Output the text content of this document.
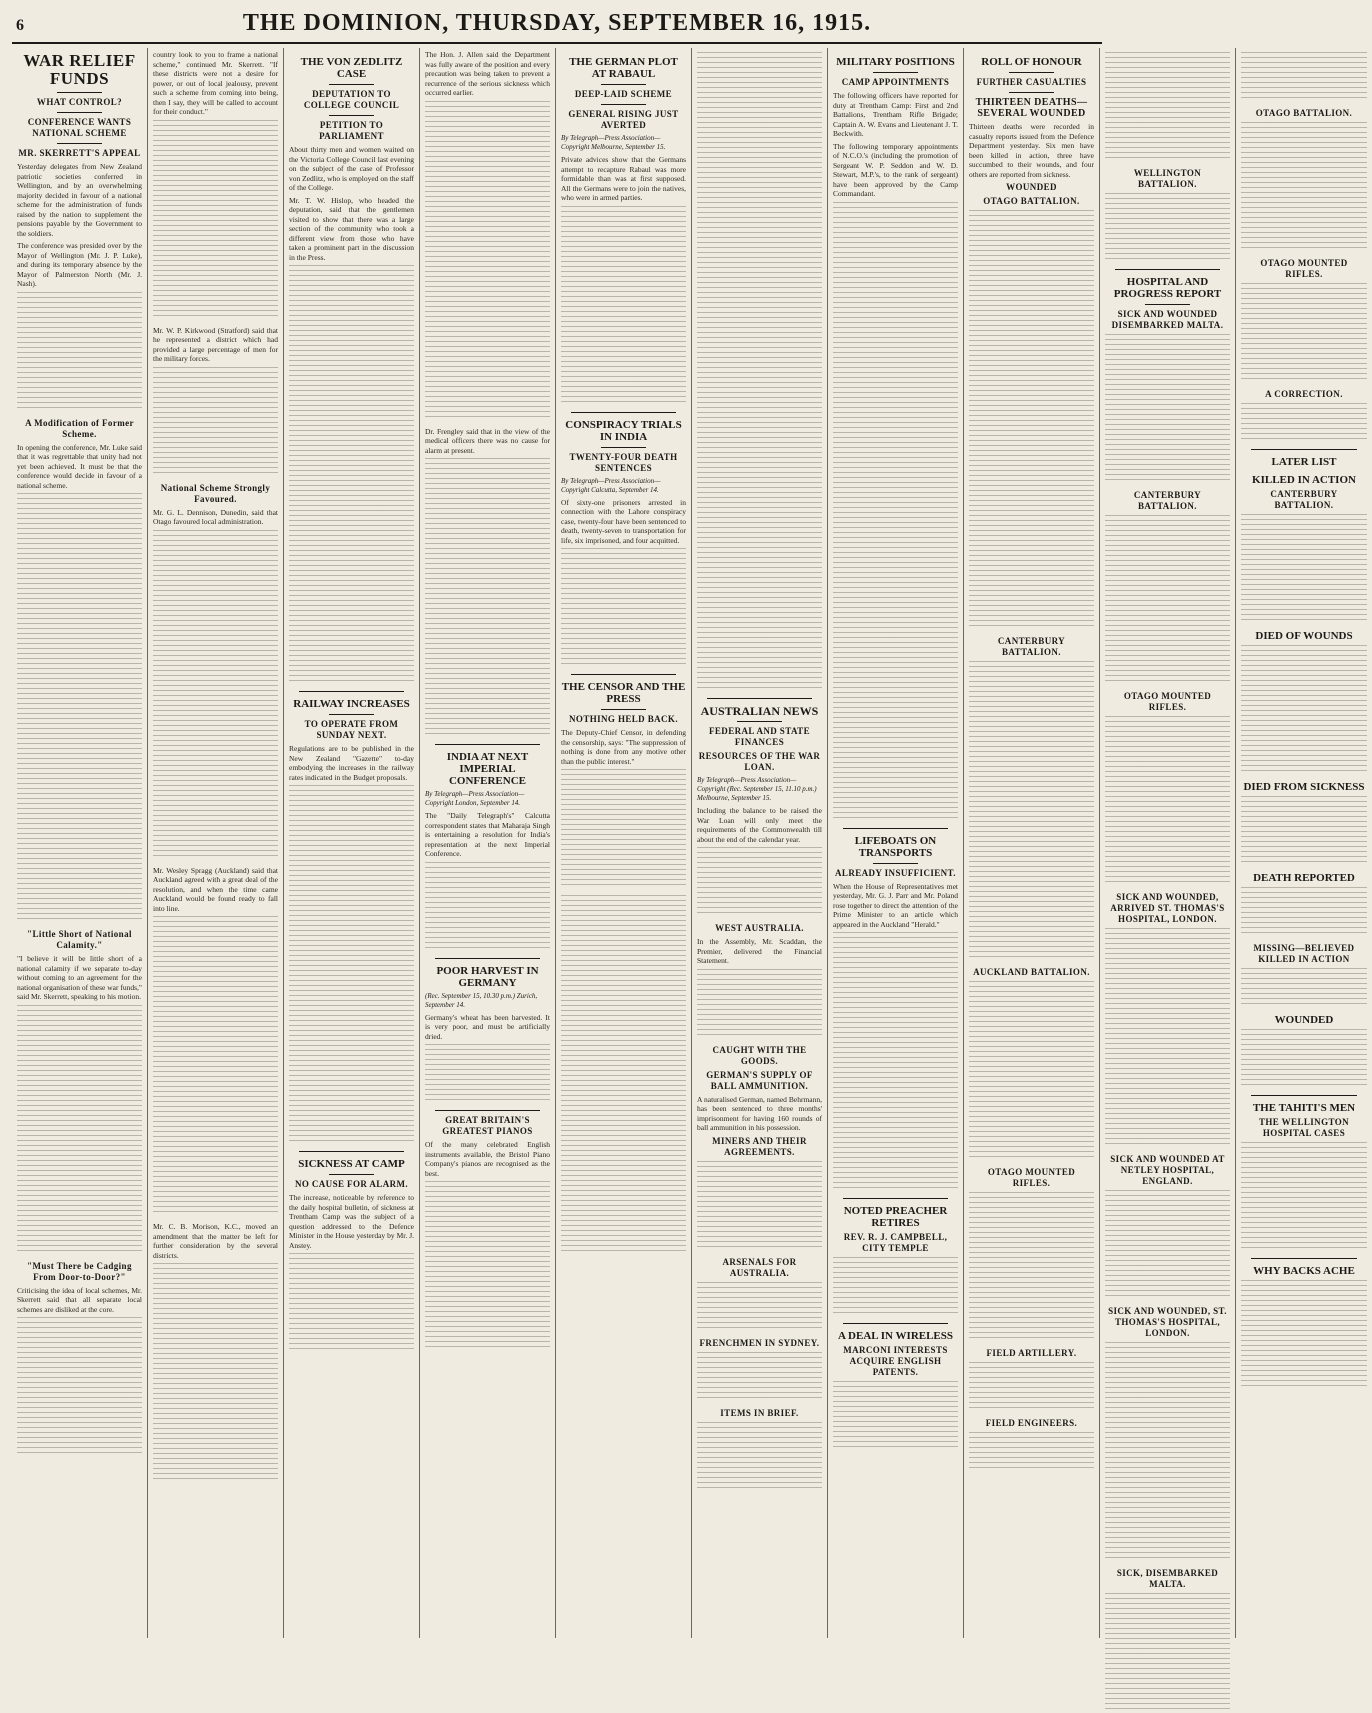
6	THE DOMINION, THURSDAY, SEPTEMBER 16, 1915.
WAR RELIEF FUNDS
WHAT CONTROL?
CONFERENCE WANTS NATIONAL SCHEME
MR. SKERRETT'S APPEAL

Yesterday delegates from New Zealand patriotic societies conferred in Wellington, and by an overwhelming majority decided in favour of a national scheme for the administration of funds raised by the nation to supplement the pensions payable by the Government to the soldiers.

The conference was presided over by the Mayor of Wellington (Mr. J. P. Luke), and during its temporary absence by the Mayor of Palmerston North (Mr. J. Nash).

A Modification of Former Scheme.

In opening the conference, Mr. Luke said that it was regrettable that unity had not yet been achieved. It must be that the conference would decide in favour of a national scheme.

"Little Short of National Calamity."

"I believe it will be little short of a national calamity if we separate to-day without coming to an agreement for the national organisation of these war funds," said Mr. Skerrett, speaking to his motion.

"Must There be Cadging From Door-to-Door?"

Criticising the idea of local schemes, Mr. Skerrett said that all separate local schemes are disliked at the core.

country look to you to frame a national scheme," continued Mr. Skerrett. "If these districts were not a desire for power, or out of local jealousy, prevent such a scheme from coming into being, then I say, they will be called to account for their conduct."

Mr. W. P. Kirkwood (Stratford) said that he represented a district which had provided a large percentage of men for the military forces.

National Scheme Strongly Favoured.

Mr. G. L. Dennison, Dunedin, said that Otago favoured local administration.

Mr. Wesley Spragg (Auckland) said that Auckland agreed with a great deal of the resolution, and when the time came Auckland would be found ready to fall into line.

Mr. C. B. Morison, K.C., moved an amendment that the matter be left for further consideration by the several districts.

THE VON ZEDLITZ CASE
DEPUTATION TO COLLEGE COUNCIL
PETITION TO PARLIAMENT

About thirty men and women waited on the Victoria College Council last evening on the subject of the case of Professor von Zedlitz, who is employed on the staff of the College.

Mr. T. W. Hislop, who headed the deputation, said that the gentlemen visited to show that there was a large section of the community who took a different view from those who have taken a prominent part in the discussion in the Press.

RAILWAY INCREASES
TO OPERATE FROM SUNDAY NEXT.

Regulations are to be published in the New Zealand "Gazette" to-day embodying the increases in the railway rates indicated in the Budget proposals.

SICKNESS AT CAMP
NO CAUSE FOR ALARM.

The increase, noticeable by reference to the daily hospital bulletin, of sickness at Trentham Camp was the subject of a question addressed to the Defence Minister in the House yesterday by Mr. J. Anstey.

The Hon. J. Allen said the Department was fully aware of the position and every precaution was being taken to prevent a recurrence of the serious sickness which occurred earlier.

Dr. Frengley said that in the view of the medical officers there was no cause for alarm at present.

INDIA AT NEXT IMPERIAL CONFERENCE

By Telegraph—Press Association—Copyright London, September 14.

The "Daily Telegraph's" Calcutta correspondent states that Maharaja Singh is entertaining a resolution for India's representation at the next Imperial Conference.

POOR HARVEST IN GERMANY

(Rec. September 15, 10.30 p.m.) Zurich, September 14.

Germany's wheat has been harvested. It is very poor, and must be artificially dried.

GREAT BRITAIN'S GREATEST PIANOS

Of the many celebrated English instruments available, the Bristol Piano Company's pianos are recognised as the best.

THE GERMAN PLOT AT RABAUL
DEEP-LAID SCHEME
GENERAL RISING JUST AVERTED

By Telegraph—Press Association—Copyright Melbourne, September 15.

Private advices show that the Germans attempt to recapture Rabaul was more formidable than was at first supposed. All the Germans were to join the natives, who were in armed parties.

CONSPIRACY TRIALS IN INDIA
TWENTY-FOUR DEATH SENTENCES

By Telegraph—Press Association—Copyright Calcutta, September 14.

Of sixty-one prisoners arrested in connection with the Lahore conspiracy case, twenty-four have been sentenced to death, twenty-seven to transportation for life, six imprisoned, and four acquitted.

THE CENSOR AND THE PRESS
NOTHING HELD BACK.

The Deputy-Chief Censor, in defending the censorship, says: "The suppression of nothing is done from any motive other than the public interest."

AUSTRALIAN NEWS
FEDERAL AND STATE FINANCES
RESOURCES OF THE WAR LOAN.

By Telegraph—Press Association—Copyright (Rec. September 15, 11.10 p.m.) Melbourne, September 15.

Including the balance to be raised the War Loan will only meet the requirements of the Commonwealth till about the end of the calendar year.

WEST AUSTRALIA.

In the Assembly, Mr. Scaddan, the Premier, delivered the Financial Statement.

CAUGHT WITH THE GOODS.
GERMAN'S SUPPLY OF BALL AMMUNITION.

A naturalised German, named Behrmann, has been sentenced to three months' imprisonment for having 160 rounds of ball ammunition in his possession.

MINERS AND THEIR AGREEMENTS.
ARSENALS FOR AUSTRALIA.
FRENCHMEN IN SYDNEY.
ITEMS IN BRIEF.
MILITARY POSITIONS
CAMP APPOINTMENTS

The following officers have reported for duty at Trentham Camp: First and 2nd Battalions, Trentham Rifle Brigade; Captain A. W. Evans and Lieutenant J. T. Beckwith.

The following temporary appointments of N.C.O.'s (including the promotion of Sergeant W. P. Seddon and W. D. Stewart, M.P.'s, to the rank of sergeant) have been approved by the Camp Commandant.

LIFEBOATS ON TRANSPORTS
ALREADY INSUFFICIENT.

When the House of Representatives met yesterday, Mr. G. J. Parr and Mr. Poland rose together to direct the attention of the Prime Minister to an article which appeared in the Auckland "Herald."

NOTED PREACHER RETIRES
REV. R. J. CAMPBELL, CITY TEMPLE
A DEAL IN WIRELESS
MARCONI INTERESTS ACQUIRE ENGLISH PATENTS.
ROLL OF HONOUR
FURTHER CASUALTIES
THIRTEEN DEATHS—SEVERAL WOUNDED

Thirteen deaths were recorded in casualty reports issued from the Defence Department yesterday. Six men have been killed in action, three have succumbed to their wounds, and four others are reported from sickness.

WOUNDED
OTAGO BATTALION.
CANTERBURY BATTALION.
AUCKLAND BATTALION.
OTAGO MOUNTED RIFLES.
FIELD ARTILLERY.
FIELD ENGINEERS.
WELLINGTON BATTALION.
HOSPITAL AND PROGRESS REPORT
SICK AND WOUNDED DISEMBARKED MALTA.
CANTERBURY BATTALION.
OTAGO MOUNTED RIFLES.
SICK AND WOUNDED, ARRIVED ST. THOMAS'S HOSPITAL, LONDON.
SICK AND WOUNDED AT NETLEY HOSPITAL, ENGLAND.
SICK AND WOUNDED, ST. THOMAS'S HOSPITAL, LONDON.
SICK, DISEMBARKED MALTA.
OTAGO BATTALION.
OTAGO MOUNTED RIFLES.
A CORRECTION.
LATER LIST
KILLED IN ACTION
CANTERBURY BATTALION.
DIED OF WOUNDS
DIED FROM SICKNESS
DEATH REPORTED
MISSING—BELIEVED KILLED IN ACTION
WOUNDED
THE TAHITI'S MEN
THE WELLINGTON HOSPITAL CASES
WHY BACKS ACHE
